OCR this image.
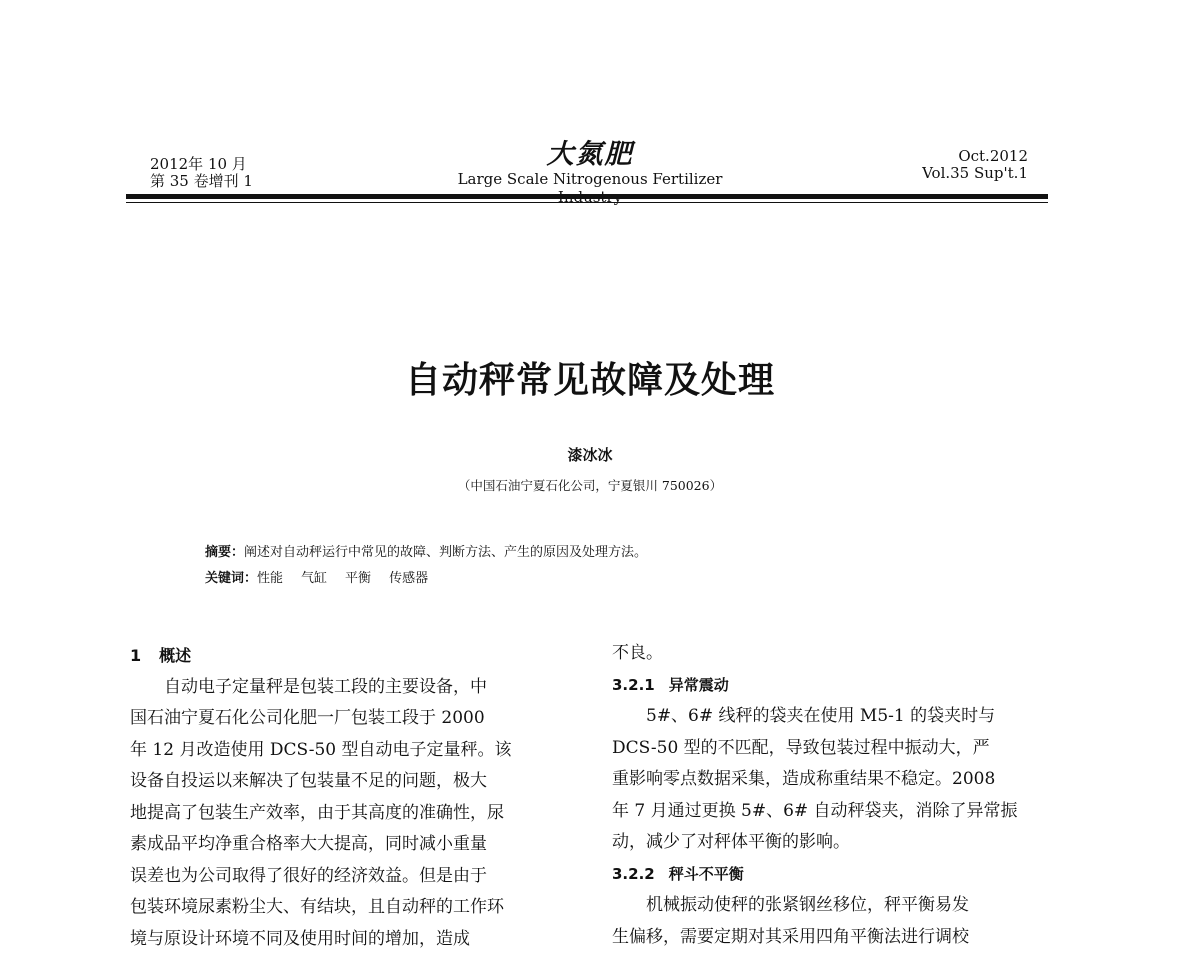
2012年 10 月
第 35 卷增刊 1
大氮肥
Large Scale Nitrogenous Fertilizer
Oct.2012
Vol.35 Sup't.1
自动秤常见故障及处理
漆冰冰
（中国石油宁夏石化公司，宁夏银川 750026）
摘要：阐述对自动秤运行中常见的故障、判断方法、产生的原因及处理方法。
关键词：性能 气缸 平衡 传感器
1 概述
自动电子定量秤是包装工段的主要设备，中
国石油宁夏石化公司化肥一厂包装工段于 2000
年 12 月改造使用 DCS-50 型自动电子定量秤。该
设备自投运以来解决了包装量不足的问题，极大
地提高了包装生产效率，由于其高度的准确性，尿
素成品平均净重合格率大大提高，同时减小重量
误差也为公司取得了很好的经济效益。但是由于
包装环境尿素粉尘大、有结块，且自动秤的工作环
境与原设计环境不同及使用时间的增加，造成
不良。
3.2.1 异常震动
5#、6# 线秤的袋夹在使用 M5-1 的袋夹时与
DCS-50 型的不匹配，导致包装过程中振动大，严
重影响零点数据采集，造成称重结果不稳定。2008
年 7 月通过更换 5#、6# 自动秤袋夹，消除了异常振
动，减少了对秤体平衡的影响。
3.2.2 秤斗不平衡
机械振动使秤的张紧钢丝移位，秤平衡易发
生偏移，需要定期对其采用四角平衡法进行调校
